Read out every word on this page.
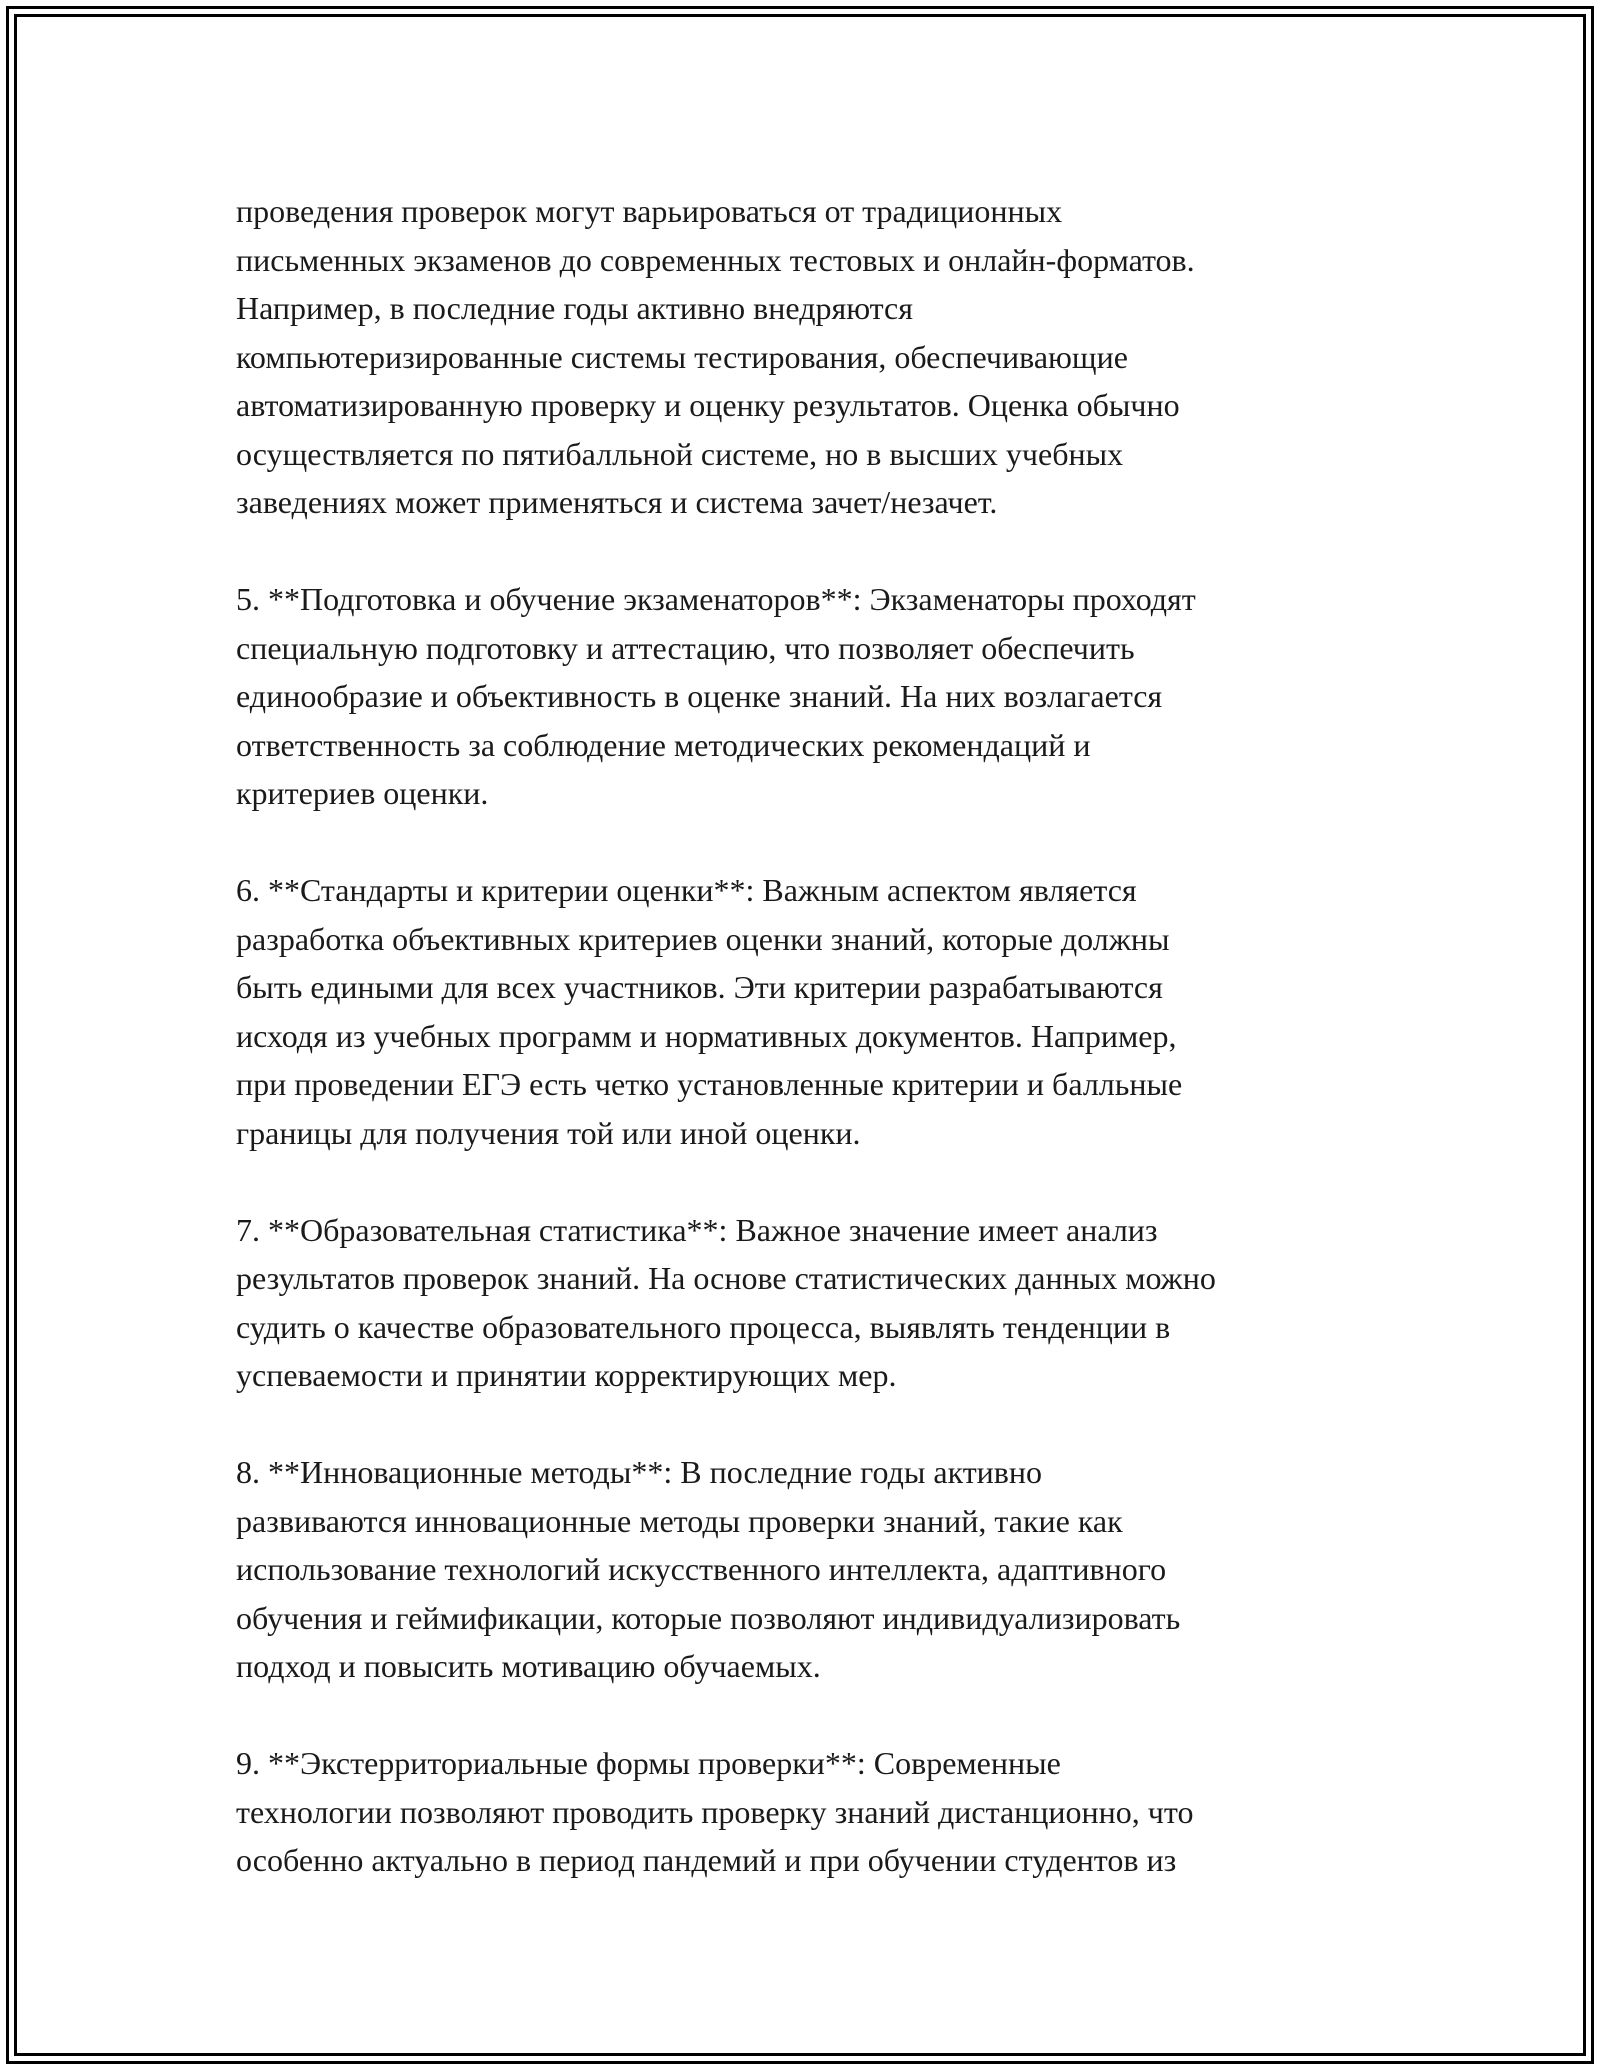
проведения проверок могут варьироваться от традиционных
письменных экзаменов до современных тестовых и онлайн-форматов.
Например, в последние годы активно внедряются
компьютеризированные системы тестирования, обеспечивающие
автоматизированную проверку и оценку результатов. Оценка обычно
осуществляется по пятибалльной системе, но в высших учебных
заведениях может применяться и система зачет/незачет.

5. **Подготовка и обучение экзаменаторов**: Экзаменаторы проходят
специальную подготовку и аттестацию, что позволяет обеспечить
единообразие и объективность в оценке знаний. На них возлагается
ответственность за соблюдение методических рекомендаций и
критериев оценки.

6. **Стандарты и критерии оценки**: Важным аспектом является
разработка объективных критериев оценки знаний, которые должны
быть едиными для всех участников. Эти критерии разрабатываются
исходя из учебных программ и нормативных документов. Например,
при проведении ЕГЭ есть четко установленные критерии и балльные
границы для получения той или иной оценки.

7. **Образовательная статистика**: Важное значение имеет анализ
результатов проверок знаний. На основе статистических данных можно
судить о качестве образовательного процесса, выявлять тенденции в
успеваемости и принятии корректирующих мер.

8. **Инновационные методы**: В последние годы активно
развиваются инновационные методы проверки знаний, такие как
использование технологий искусственного интеллекта, адаптивного
обучения и геймификации, которые позволяют индивидуализировать
подход и повысить мотивацию обучаемых.

9. **Экстерриториальные формы проверки**: Современные
технологии позволяют проводить проверку знаний дистанционно, что
особенно актуально в период пандемий и при обучении студентов из
